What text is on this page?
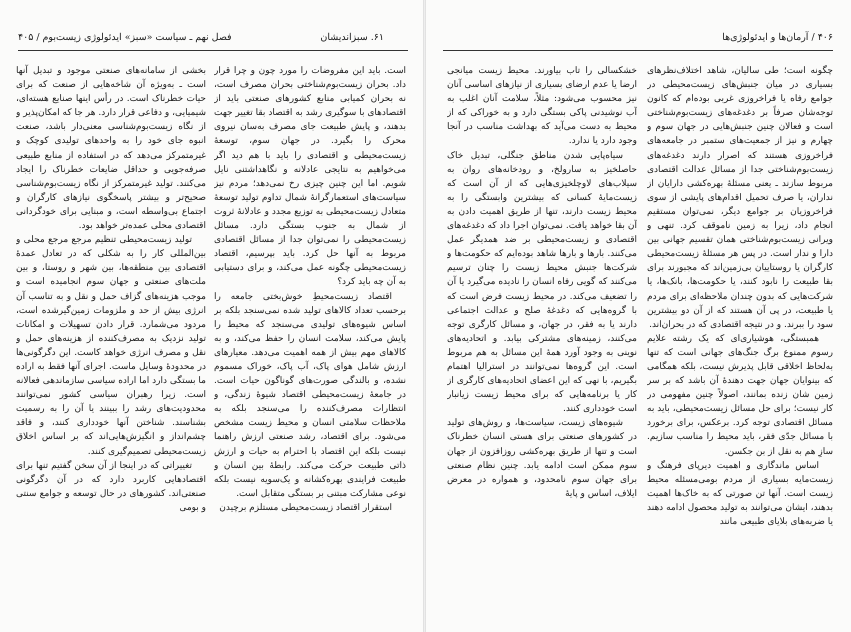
فصل نهم ـ سیاست «سبز» ایدئولوژی زیست‌بوم / ۴۰۵	۶۱. سبزاندیشان

است. باید این مفروضات را مورد چون و چرا قرار داد. بحران زیست‌بوم‌شناختی بحران مصرف است، نه بحران کمیابی منابع کشورهای صنعتی باید از اقتصادهای با سوگیری رشد به اقتصاد بقا تغییر جهت بدهند، و پایش طبیعت جای مصرف به‌سان نیروی محرک را بگیرد. در جهان سوم، توسعهٔ زیست‌محیطی و اقتصادی را باید با هم دید اگر می‌خواهیم به نتایجی عادلانه و نگاهداشتنی نایل شویم. اما این چنین چیزی رخ نمی‌دهد؛ مردم نیز سیاست‌های استعمارگرانهٔ شمال تداوم تولید توسعهٔ متعادل زیست‌محیطی به توزیع مجدد و عادلانهٔ ثروت از شمال به جنوب بستگی دارد. مسائل زیست‌محیطی را نمی‌توان جدا از مسائل اقتصادی مربوط به آنها حل کرد. باید بپرسیم، اقتصاد زیست‌محیطی چگونه عمل می‌کند، و برای دستیابی به آن چه باید کرد؟

اقتصاد زیست‌محیطِ خوش‌بختی جامعه را برحسب تعداد کالاهای تولید شده نمی‌سنجد بلکه بر اساس شیوه‌های تولیدی می‌سنجد که محیط را پایش می‌کند، سلامت انسان را حفظ می‌کند، و به کالاهای مهم بیش از همه اهمیت می‌دهد. معیارهای ارزش شامل هوای پاک، آب پاک، خوراک مسموم نشده، و بالندگی صورت‌های گوناگون حیات است. در جامعهٔ زیست‌محیطی اقتصاد شیوهٔ زندگی، و انتظارات مصرف‌کننده را می‌سنجد بلکه به ملاحظات سلامتی انسان و محیط زیست مشخص می‌شود. برای اقتصاد، رشد صنعتی ارزش راهنما نیست بلکه این اقتصاد با احترام به حیات و ارزش ذاتی طبیعت حرکت می‌کند. رابطهٔ بین انسان و طبیعت فرایندی بهره‌کشانه و یک‌سویه نیست بلکه نوعی مشارکت مبتنی بر بستگی متقابل است.

استقرار اقتصاد زیست‌محیطی مستلزم برچیدن

بخشی از سامانه‌های صنعتی موجود و تبدیل آنها است ـ به‌ویژه آن شاخه‌هایی از صنعت که برای حیات خطرناک است. در رأس اینها صنایع هسته‌ای، شیمیایی، و دفاعی قرار دارد. هر جا که امکان‌پذیر و از نگاه زیست‌بوم‌شناسی معنی‌دار باشد، صنعت انبوه جای خود را به واحدهای تولیدی کوچک و غیرمتمرکز می‌دهد که در استفاده از منابع طبیعی صرفه‌جویی و حداقل ضایعات خطرناک را ایجاد می‌کنند. تولید غیرمتمرکز از نگاه زیست‌بوم‌شناسی صحیح‌تر و بیشتر پاسخگوی نیازهای کارگران و اجتماع بی‌واسطه است، و مبنایی برای خودگردانی اقتصادی محلی عمده‌تر خواهد بود.

تولید زیست‌محیطی تنظیم مرجع مرجع محلی و بین‌المللی کار را به شکلی که در تعادل عمدهٔ اقتصادی بین منطقه‌ها، بین شهر و روستا، و بین ملت‌های صنعتی و جهان سوم انجامیده است و موجب هزینه‌های گزاف حمل و نقل و به تناسب آن انرژی بیش از حد و ملزومات زمین‌گیرشده است، مردود می‌شمارد. قرار دادن تسهیلات و امکانات تولید نزدیک به مصرف‌کننده از هزینه‌های حمل و نقل و مصرف انرژی خواهد کاست. این دگرگونی‌ها در محدودهٔ وسایل ماست. اجرای آنها فقط به اراده ما بستگی دارد اما اراده سیاسی سازماندهی فعالانه است. زیرا رهبران سیاسی کشور نمی‌توانند محدودیت‌های رشد را ببینند یا آن را به رسمیت بشناسند. شناختن آنها خودداری کنند، و فاقد چشم‌انداز و انگیزش‌هایی‌اند که بر اساس اخلاق زیست‌محیطی تصمیم‌گیری کنند.

تغییراتی که در اینجا از آن سخن گفتیم تنها برای اقتصادهایی کاربرد دارد که در آن دگرگونی صنعتی‌اند. کشورهای در حال توسعه و جوامع سنتی و بومی

۴۰۶ / آرمان‌ها و ایدئولوژی‌ها

چگونه است؛ طی سالیان، شاهد اختلاف‌نظرهای بسیاری در میان جنبش‌های زیست‌محیطی در جوامع رفاه یا فراخروزی غربی بوده‌ام که کانون توجه‌شان صرفاً بر دغدغه‌های زیست‌بوم‌شناختی است و فعالان چنین جنبش‌هایی در جهان سوم و چهارم و نیز از جمعیت‌های ستمبر در جامعه‌های فراخروزی هستند که اصرار دارند دغدغه‌های زیست‌بوم‌شناختی جدا از مسائل عدالت اقتصادی مربوط سازند ـ یعنی مسئلهٔ بهره‌کشی دارایان از نداران، یا صرف تحمیل اقدام‌های پایشی از سوی فراخروزیان بر جوامع دیگر، نمی‌توان مستقیم انجام داد، زیرا به زمین ناموقف کرد. تنهی و ویرانی زیست‌بوم‌شناختی همان تقسیم جهانی بین دارا و ندار است. در پس هر مسئلهٔ زیست‌محیطی کارگران یا روستاییان بی‌زمین‌اند که مجبورند برای بقا طبیعت را نابود کنند، یا حکومت‌ها، بانک‌ها، یا شرکت‌هایی که بدون چندان ملاحظه‌ای برای مردم یا طبیعت، در پی آن هستند که از آن دو بیشترین سود را ببرند. و در نتیجه اقتصادی که در بحران‌اند.

همبستگی، هوشیاری‌ای که یک رشته علایم رسوم ممنوع برگ جنگ‌های جهانی است که تنها به‌لحاظ اخلاقی قابل پذیرش نیست، بلکه همگامی که بینوایان جهان جهت دهندهٔ آن باشد که بر سر زمین شان زنده بمانند، اصولاً چنین مفهومی در کار نیست؛ برای حل مسائل زیست‌محیطی، باید به مسائل اقتصادی توجه کرد. برعکس، برای برخورد با مسائل جدّی فقر، باید محیط را مناسب سازیم. سازِ هم به نقل از بن جکسن.

اساس ماندگاری و اهمیت دیرپای فرهنگ و زیست‌مایه بسیاری از مردم بومی‌مسئله محیط زیست است. آنها تن صورتی که به خاک‌ها اهمیت بدهند، ایشان می‌توانند به تولید محصول ادامه دهند یا ضربه‌های بلایای طبیعی مانند

خشکسالی را تاب بیاورند. محیط زیست میانجی ارضا یا عدم ارضای بسیاری از نیازهای اساسی آنان نیز محسوب می‌شود: مثلاً، سلامت آنان اغلب به آب نوشیدنی پاکی بستگی دارد و به خوراکی که از محیط به دست می‌آید که بهداشت مناسب در آنجا وجود دارد یا ندارد.

سیاه‌پایی شدن مناطق جنگلی، تبدیل خاک حاصلخیز به سارولخ، و رودخانه‌های روان به سیلاب‌های لاوچلخیزی‌هایی که از آن است که زیست‌مایهٔ کسانی که بیشترین وابستگی را به محیط زیست دارند، تنها از طریق اهمیت دادن به آن بقا خواهد یافت. نمی‌توان اجرا داد که دغدغه‌های اقتصادی و زیست‌محیطی بر ضد همدیگر عمل می‌کنند. بارها و بارها شاهد بوده‌ایم که حکومت‌ها و شرکت‌ها جنبش محیط زیست را چنان ترسیم می‌کنند که گویی رفاه انسان را نادیده می‌گیرد یا آن را تضعیف می‌کند. در محیط زیست فرض است که با گروه‌هایی که دغدغهٔ صلح و عدالت اجتماعی دارند یا به فقر، در جهان، و مسائل کارگری توجه می‌کنند، زمینه‌های مشترکی بیابد. و اتحادیه‌های نوینی به وجود آورد همهٔ این مسائل به هم مربوط است. این گروه‌ها نمی‌توانند در استرالیا اهتمام بگیریم، با نهی که این اعضای اتحادیه‌های کارگری از کار یا برنامه‌هایی که برای محیط زیست زیانبار است خودداری کنند.

شیوه‌های زیست، سیاست‌ها، و روش‌های تولید در کشورهای صنعتی برای هستی انسان خطرناک است و تنها از طریق بهره‌کشی روزافزون از جهان سوم ممکن است ادامه یابد. چنین نظام صنعتی برای جهان سوم نامحدود، و همواره در معرض ایلاف، اساس و پایهٔ
